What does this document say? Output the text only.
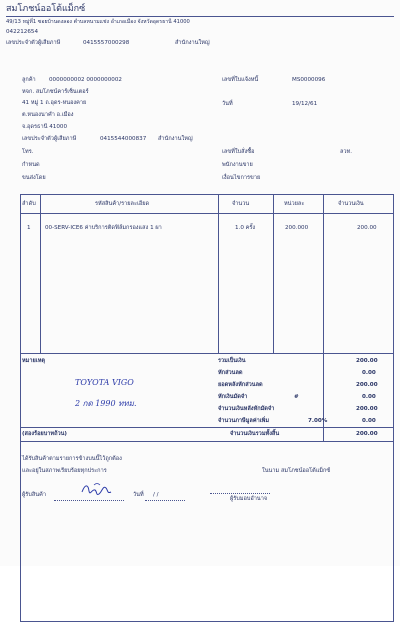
สมโภชน์ออโต้แม็กซ์
49/13 หมู่ที่1 ซอยบ้านดงลอง ตำบลหนามแช่ง อำเภอเมือง จังหวัดอุดรธานี 41000
042212654
เลขประจำตัวผู้เสียภาษี	0415557000298	สำนักงานใหญ่
ลูกค้า 0000000002 0000000002
หจก. สมโภชน์คาร์เซ็นเตอร์
41 หมู่ 1 ถ.อุดร-หนองคาย
ต.หนองนาคำ อ.เมือง
จ.อุดรธานี 41000
เลขประจำตัวผู้เสียภาษี	0415544000837 สำนักงานใหญ่
โทร.
กำหนด
ขนส่งโดย
เลขที่ใบแจ้งหนี้	MS0000096
วันที่	19/12/61
เลขที่ใบสั่งซื้อ	ลวท.
พนักงานขาย
เงื่อนไขการขาย
ลำดับ	รหัสสินค้า/รายละเอียด	จำนวน	หน่วยละ	จำนวนเงิน
1	00-SERV-ICE6 ค่าบริการติดฟิล์มกรองแสง 1 ผา	1.0 ครั้ง	200.000	200.00
หมายเหตุ
TOYOTA VIGO
2 กด 1990 ททม.
รวมเป็นเงิน	200.00
หักส่วนลด	0.00
ยอดหลังหักส่วนลด	200.00
หักเงินมัดจำ	#	0.00
จำนวนเงินหลังหักมัดจำ	200.00
จำนวนภาษีมูลค่าเพิ่ม	7.00%	0.00
(สองร้อยบาทถ้วน)	จำนวนเงินรวมทั้งสิ้น	200.00
ได้รับสินค้าตามรายการข้างบนนี้ไว้ถูกต้อง
และอยู่ในสภาพเรียบร้อยทุกประการ	ในนาม สมโภชน์ออโต้แม็กซ์
ผู้รับสินค้า	วันที่ / /
ผู้รับมอบอำนาจ
